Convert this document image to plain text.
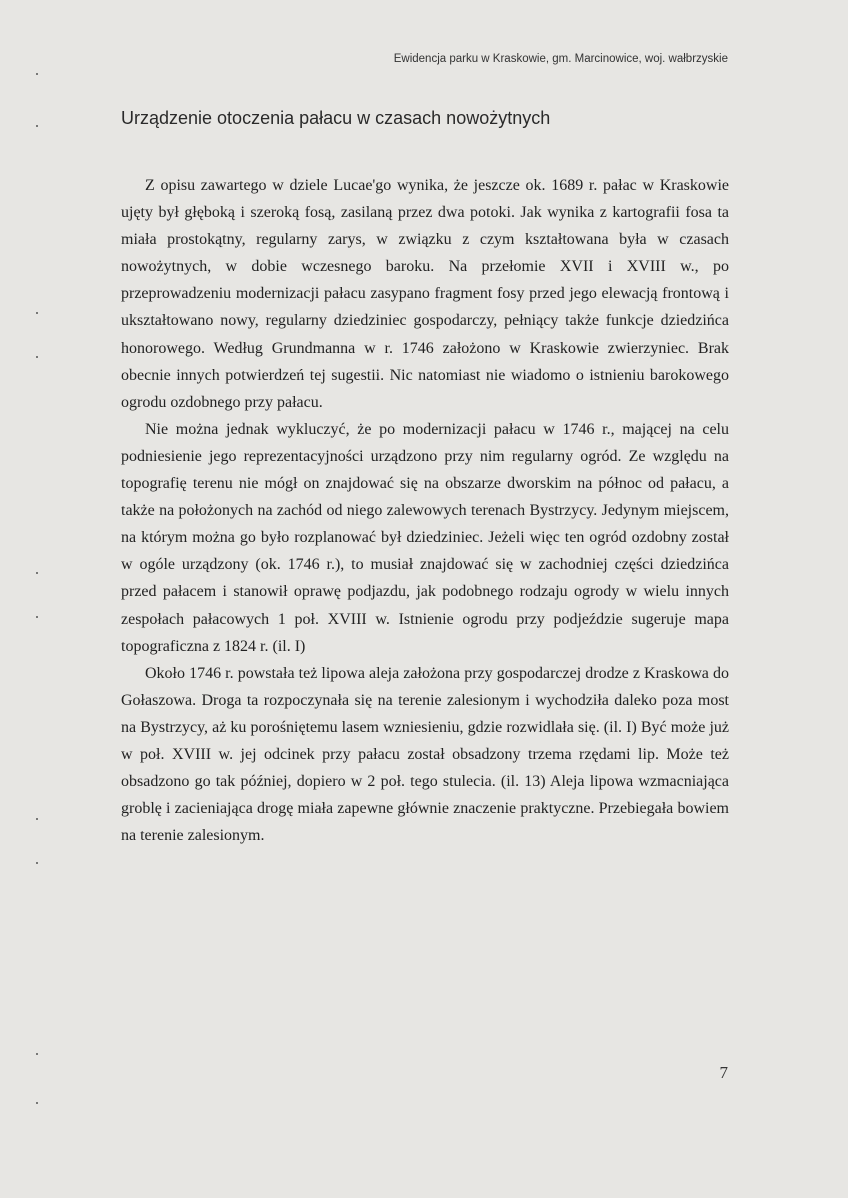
Ewidencja parku w Kraskowie, gm. Marcinowice, woj. wałbrzyskie
Urządzenie otoczenia pałacu w czasach nowożytnych

Z opisu zawartego w dziele Lucae'go wynika, że jeszcze ok. 1689 r. pałac w Kraskowie ujęty był głęboką i szeroką fosą, zasilaną przez dwa potoki. Jak wynika z kartografii fosa ta miała prostokątny, regularny zarys, w związku z czym kształtowana była w czasach nowożytnych, w dobie wczesnego baroku. Na przełomie XVII i XVIII w., po przeprowadzeniu modernizacji pałacu zasypano fragment fosy przed jego elewacją frontową i ukształtowano nowy, regularny dziedziniec gospodarczy, pełniący także funkcje dziedzińca honorowego. Według Grundmanna w r. 1746 założono w Kraskowie zwierzyniec. Brak obecnie innych potwierdzeń tej sugestii. Nic natomiast nie wiadomo o istnieniu barokowego ogrodu ozdobnego przy pałacu.

Nie można jednak wykluczyć, że po modernizacji pałacu w 1746 r., mającej na celu podniesienie jego reprezentacyjności urządzono przy nim regularny ogród. Ze względu na topografię terenu nie mógł on znajdować się na obszarze dworskim na północ od pałacu, a także na położonych na zachód od niego zalewowych terenach Bystrzycy. Jedynym miejscem, na którym można go było rozplanować był dziedziniec. Jeżeli więc ten ogród ozdobny został w ogóle urządzony (ok. 1746 r.), to musiał znajdować się w zachodniej części dziedzińca przed pałacem i stanowił oprawę podjazdu, jak podobnego rodzaju ogrody w wielu innych zespołach pałacowych 1 poł. XVIII w. Istnienie ogrodu przy podjeździe sugeruje mapa topograficzna z 1824 r. (il. I)

Około 1746 r. powstała też lipowa aleja założona przy gospodarczej drodze z Kraskowa do Gołaszowa. Droga ta rozpoczynała się na terenie zalesionym i wychodziła daleko poza most na Bystrzycy, aż ku porośniętemu lasem wzniesieniu, gdzie rozwidlała się. (il. I) Być może już w poł. XVIII w. jej odcinek przy pałacu został obsadzony trzema rzędami lip. Może też obsadzono go tak później, dopiero w 2 poł. tego stulecia. (il. 13) Aleja lipowa wzmacniająca groblę i zacieniająca drogę miała zapewne głównie znaczenie praktyczne. Przebiegała bowiem na terenie zalesionym.

7
